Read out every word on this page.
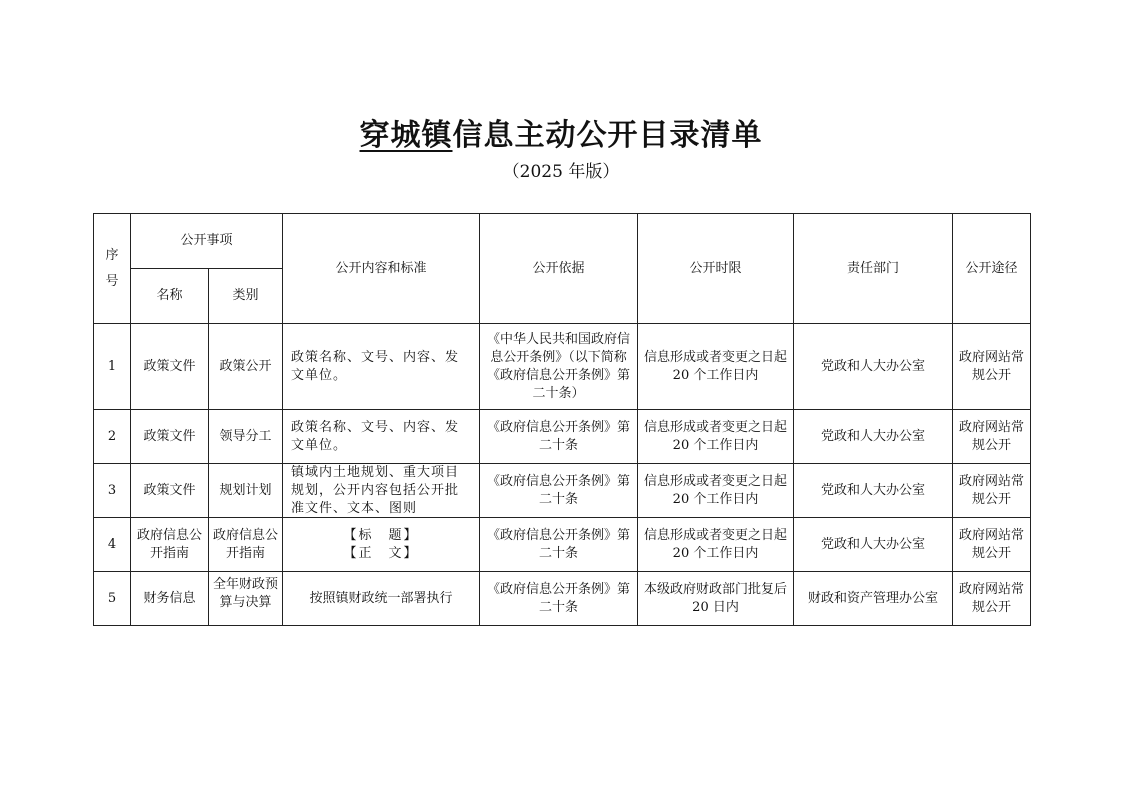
穿城镇信息主动公开目录清单
（2025 年版）
序号	公开事项		公开内容和标准	公开依据	公开时限	责任部门	公开途径
	名称	类别					
1	政策文件	政策公开	政策名称、文号、内容、发文单位。	《中华人民共和国政府信息公开条例》（以下简称《政府信息公开条例》第二十条）	信息形成或者变更之日起 20 个工作日内	党政和人大办公室	政府网站常规公开
2	政策文件	领导分工	政策名称、文号、内容、发文单位。	《政府信息公开条例》第二十条	信息形成或者变更之日起 20 个工作日内	党政和人大办公室	政府网站常规公开
3	政策文件	规划计划	镇域内土地规划、重大项目规划，公开内容包括公开批准文件、文本、图则	《政府信息公开条例》第二十条	信息形成或者变更之日起 20 个工作日内	党政和人大办公室	政府网站常规公开
4	政府信息公开指南	政府信息公开指南	【标　题】
【正　文】	《政府信息公开条例》第二十条	信息形成或者变更之日起 20 个工作日内	党政和人大办公室	政府网站常规公开
5	财务信息	全年财政预算与决算	按照镇财政统一部署执行	《政府信息公开条例》第二十条	本级政府财政部门批复后 20 日内	财政和资产管理办公室	政府网站常规公开
